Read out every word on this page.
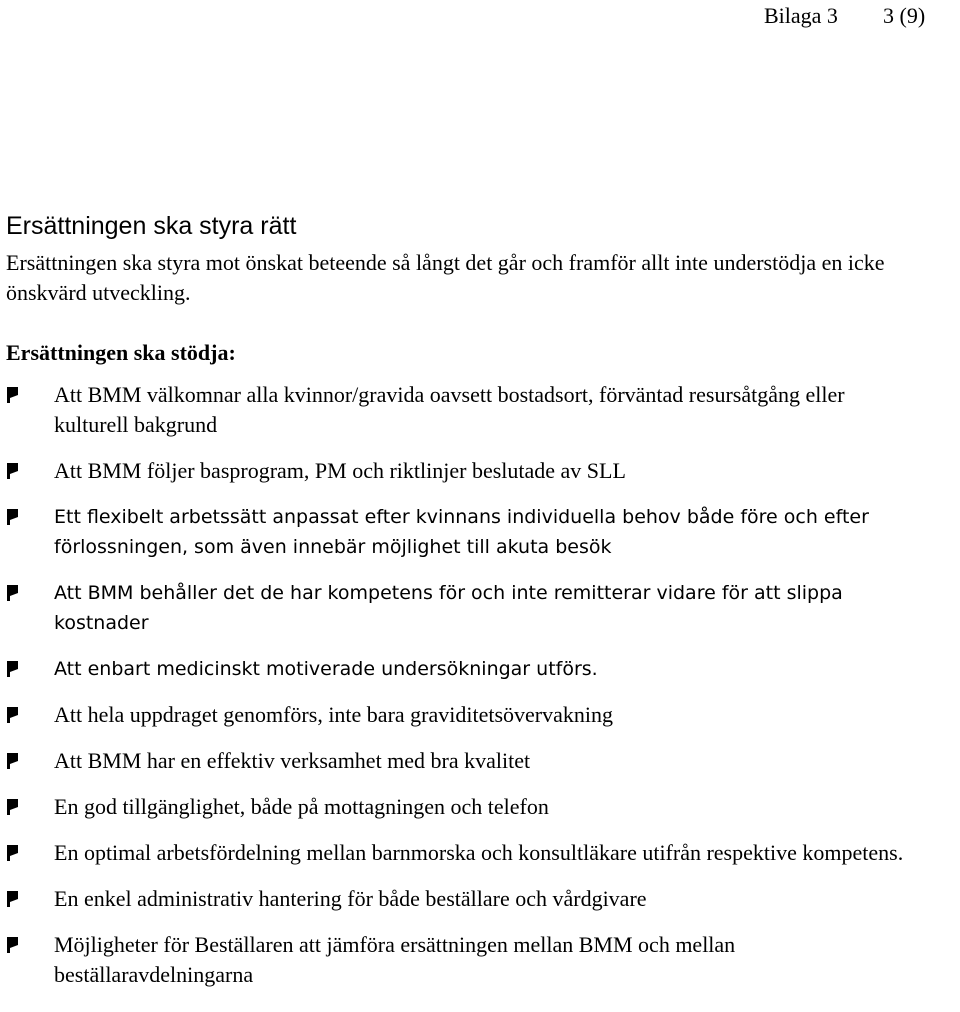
Bilaga 3 3 (9)
Ersättningen ska styra rätt

Ersättningen ska styra mot önskat beteende så långt det går och framför allt inte understödja en icke önskvärd utveckling.

Ersättningen ska stödja:

Att BMM välkomnar alla kvinnor/gravida oavsett bostadsort, förväntad resursåtgång eller kulturell bakgrund
Att BMM följer basprogram, PM och riktlinjer beslutade av SLL
Ett flexibelt arbetssätt anpassat efter kvinnans individuella behov både före och efter förlossningen, som även innebär möjlighet till akuta besök
Att BMM behåller det de har kompetens för och inte remitterar vidare för att slippa kostnader
Att enbart medicinskt motiverade undersökningar utförs.
Att hela uppdraget genomförs, inte bara graviditetsövervakning
Att BMM har en effektiv verksamhet med bra kvalitet
En god tillgänglighet, både på mottagningen och telefon
En optimal arbetsfördelning mellan barnmorska och konsultläkare utifrån respektive kompetens.
En enkel administrativ hantering för både beställare och vårdgivare
Möjligheter för Beställaren att jämföra ersättningen mellan BMM och mellan beställaravdelningarna
